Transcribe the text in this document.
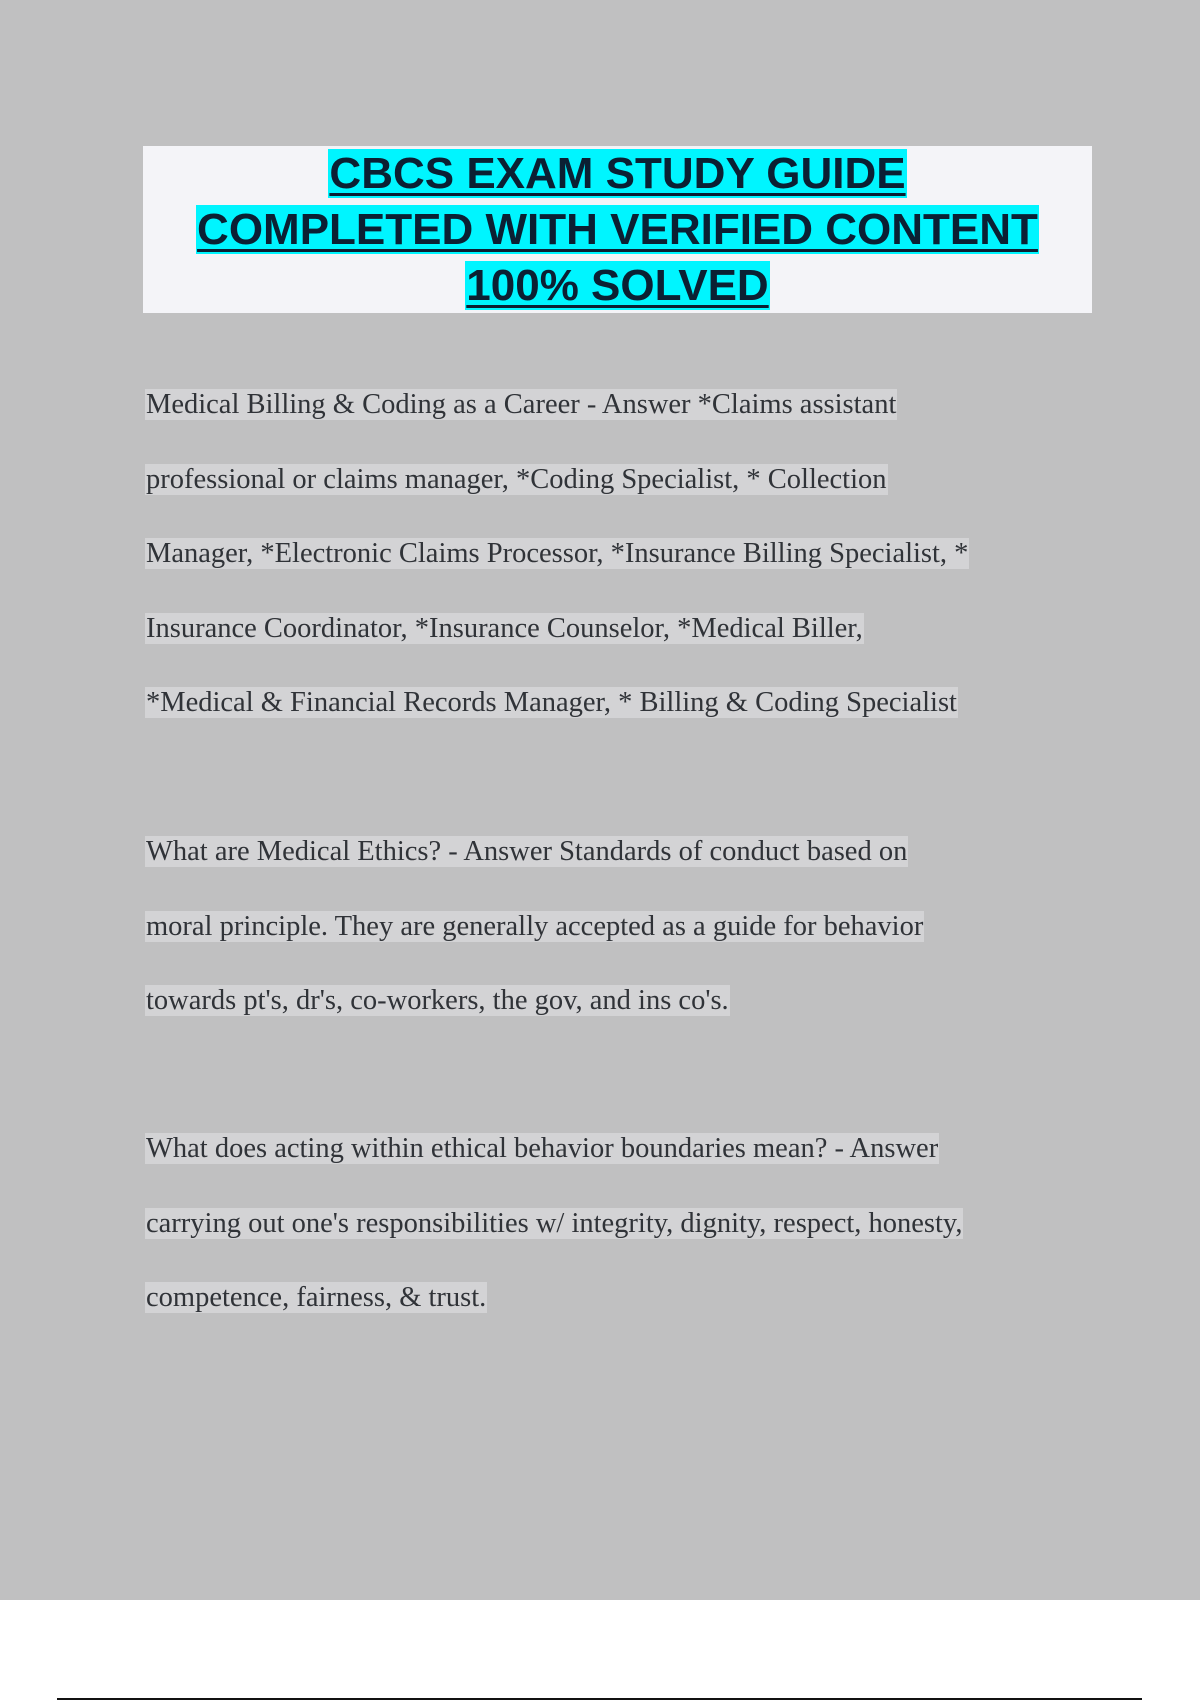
CBCS EXAM STUDY GUIDE
COMPLETED WITH VERIFIED CONTENT
100% SOLVED
Medical Billing & Coding as a Career - Answer *Claims assistant
professional or claims manager, *Coding Specialist, * Collection
Manager, *Electronic Claims Processor, *Insurance Billing Specialist, *
Insurance Coordinator, *Insurance Counselor, *Medical Biller,
*Medical & Financial Records Manager, * Billing & Coding Specialist
What are Medical Ethics? - Answer Standards of conduct based on
moral principle. They are generally accepted as a guide for behavior
towards pt's, dr's, co-workers, the gov, and ins co's.
What does acting within ethical behavior boundaries mean? - Answer
carrying out one's responsibilities w/ integrity, dignity, respect, honesty,
competence, fairness, & trust.
